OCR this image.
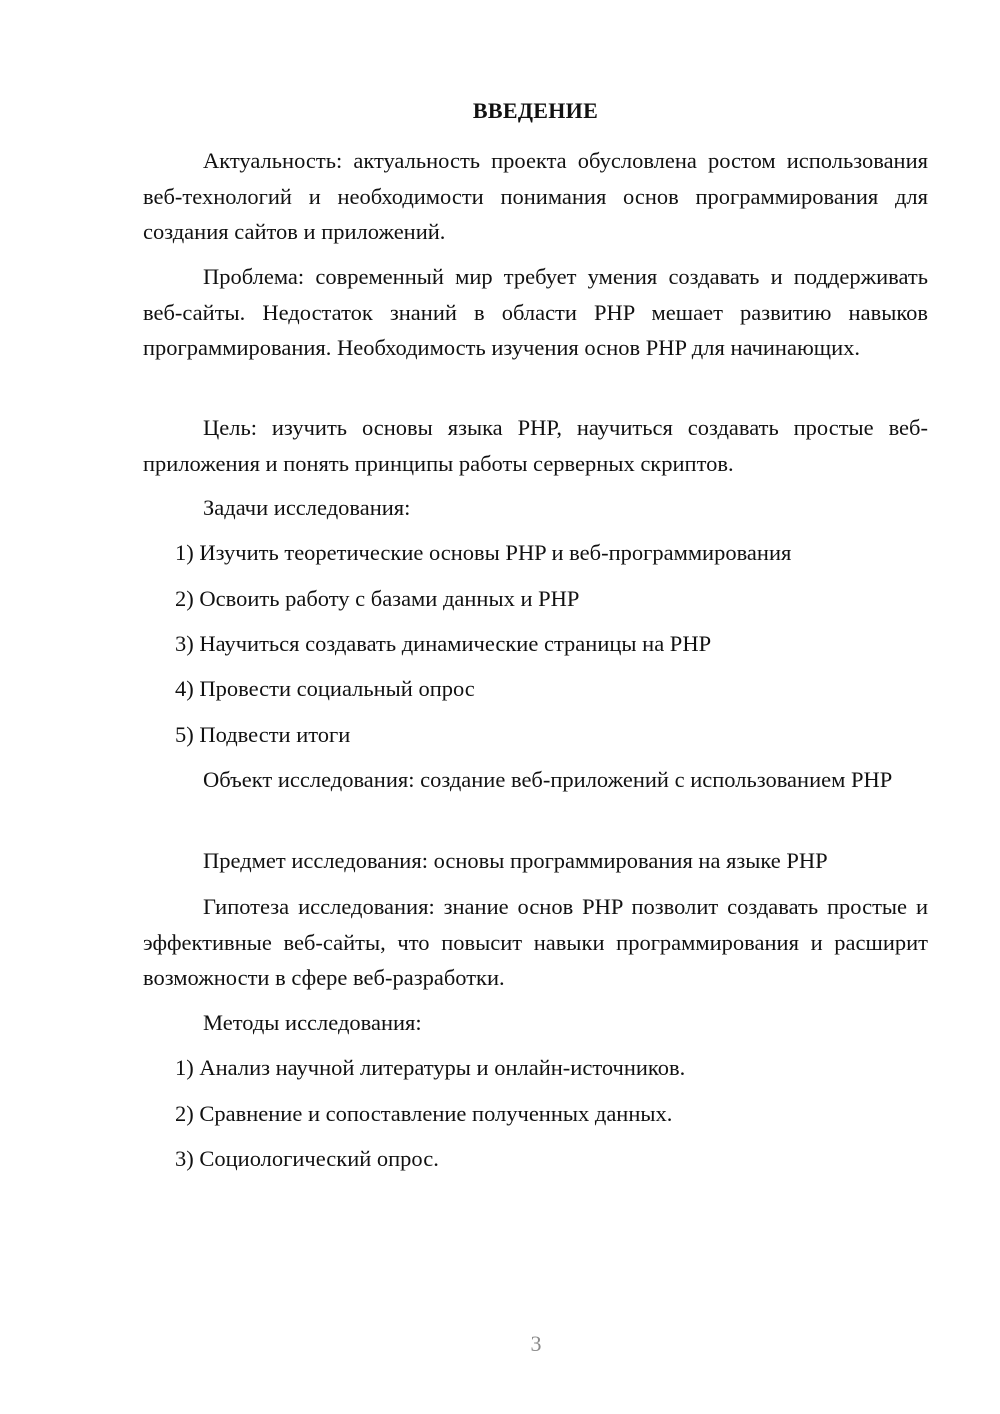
ВВЕДЕНИЕ

Актуальность: актуальность проекта обусловлена ростом использования веб-технологий и необходимости понимания основ программирования для создания сайтов и приложений.

Проблема: современный мир требует умения создавать и поддерживать веб-сайты. Недостаток знаний в области PHP мешает развитию навыков программирования. Необходимость изучения основ PHP для начинающих.

Цель: изучить основы языка PHP, научиться создавать простые веб-приложения и понять принципы работы серверных скриптов.

Задачи исследования:

1) Изучить теоретические основы PHP и веб-программирования

2) Освоить работу с базами данных и PHP

3) Научиться создавать динамические страницы на PHP

4) Провести социальный опрос

5) Подвести итоги

Объект исследования: создание веб-приложений с использованием PHP

Предмет исследования: основы программирования на языке PHP

Гипотеза исследования: знание основ PHP позволит создавать простые и эффективные веб-сайты, что повысит навыки программирования и расширит возможности в сфере веб-разработки.

Методы исследования:

1) Анализ научной литературы и онлайн-источников.

2) Сравнение и сопоставление полученных данных.

3) Социологический опрос.

3
